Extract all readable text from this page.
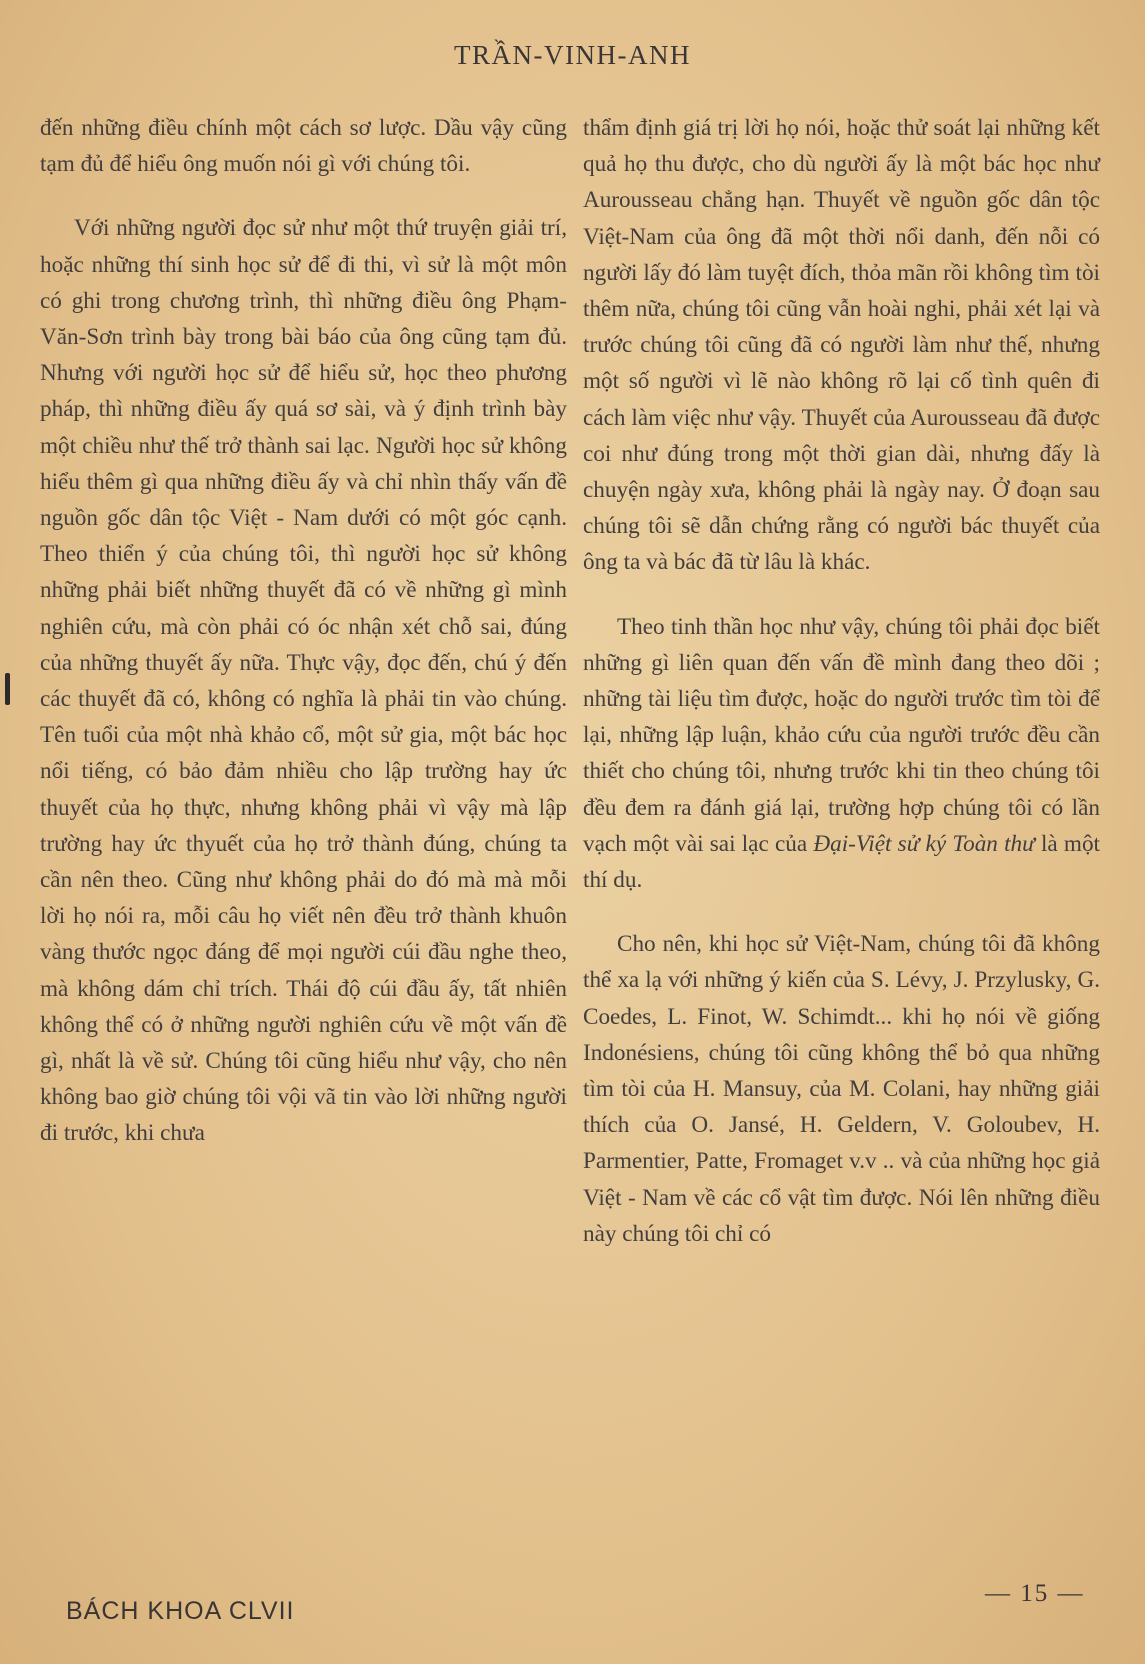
TRẦN-VINH-ANH

đến những điều chính một cách sơ lược. Dầu vậy cũng tạm đủ để hiểu ông muốn nói gì với chúng tôi.

Với những người đọc sử như một thứ truyện giải trí, hoặc những thí sinh học sử để đi thi, vì sử là một môn có ghi trong chương trình, thì những điều ông Phạm-Văn-Sơn trình bày trong bài báo của ông cũng tạm đủ. Nhưng với người học sử để hiểu sử, học theo phương pháp, thì những điều ấy quá sơ sài, và ý định trình bày một chiều như thế trở thành sai lạc. Người học sử không hiểu thêm gì qua những điều ấy và chỉ nhìn thấy vấn đề nguồn gốc dân tộc Việt - Nam dưới có một góc cạnh. Theo thiển ý của chúng tôi, thì người học sử không những phải biết những thuyết đã có về những gì mình nghiên cứu, mà còn phải có óc nhận xét chỗ sai, đúng của những thuyết ấy nữa. Thực vậy, đọc đến, chú ý đến các thuyết đã có, không có nghĩa là phải tin vào chúng. Tên tuổi của một nhà khảo cổ, một sử gia, một bác học nổi tiếng, có bảo đảm nhiều cho lập trường hay ức thuyết của họ thực, nhưng không phải vì vậy mà lập trường hay ức thyuết của họ trở thành đúng, chúng ta cần nên theo. Cũng như không phải do đó mà mà mỗi lời họ nói ra, mỗi câu họ viết nên đều trở thành khuôn vàng thước ngọc đáng để mọi người cúi đầu nghe theo, mà không dám chỉ trích. Thái độ cúi đầu ấy, tất nhiên không thể có ở những người nghiên cứu về một vấn đề gì, nhất là về sử. Chúng tôi cũng hiểu như vậy, cho nên không bao giờ chúng tôi vội vã tin vào lời những người đi trước, khi chưa

thẩm định giá trị lời họ nói, hoặc thử soát lại những kết quả họ thu được, cho dù người ấy là một bác học như Aurousseau chẳng hạn. Thuyết về nguồn gốc dân tộc Việt-Nam của ông đã một thời nổi danh, đến nỗi có người lấy đó làm tuyệt đích, thỏa mãn rồi không tìm tòi thêm nữa, chúng tôi cũng vẫn hoài nghi, phải xét lại và trước chúng tôi cũng đã có người làm như thế, nhưng một số người vì lẽ nào không rõ lại cố tình quên đi cách làm việc như vậy. Thuyết của Aurousseau đã được coi như đúng trong một thời gian dài, nhưng đấy là chuyện ngày xưa, không phải là ngày nay. Ở đoạn sau chúng tôi sẽ dẫn chứng rằng có người bác thuyết của ông ta và bác đã từ lâu là khác.

Theo tinh thần học như vậy, chúng tôi phải đọc biết những gì liên quan đến vấn đề mình đang theo dõi ; những tài liệu tìm được, hoặc do người trước tìm tòi để lại, những lập luận, khảo cứu của người trước đều cần thiết cho chúng tôi, nhưng trước khi tin theo chúng tôi đều đem ra đánh giá lại, trường hợp chúng tôi có lần vạch một vài sai lạc của Đại-Việt sử ký Toàn thư là một thí dụ.

Cho nên, khi học sử Việt-Nam, chúng tôi đã không thể xa lạ với những ý kiến của S. Lévy, J. Przylusky, G. Coedes, L. Finot, W. Schimdt... khi họ nói về giống Indonésiens, chúng tôi cũng không thể bỏ qua những tìm tòi của H. Mansuy, của M. Colani, hay những giải thích của O. Jansé, H. Geldern, V. Goloubev, H. Parmentier, Patte, Fromaget v.v .. và của những học giả Việt - Nam về các cổ vật tìm được. Nói lên những điều này chúng tôi chỉ có

BÁCH KHOA CLVII
— 15 —
